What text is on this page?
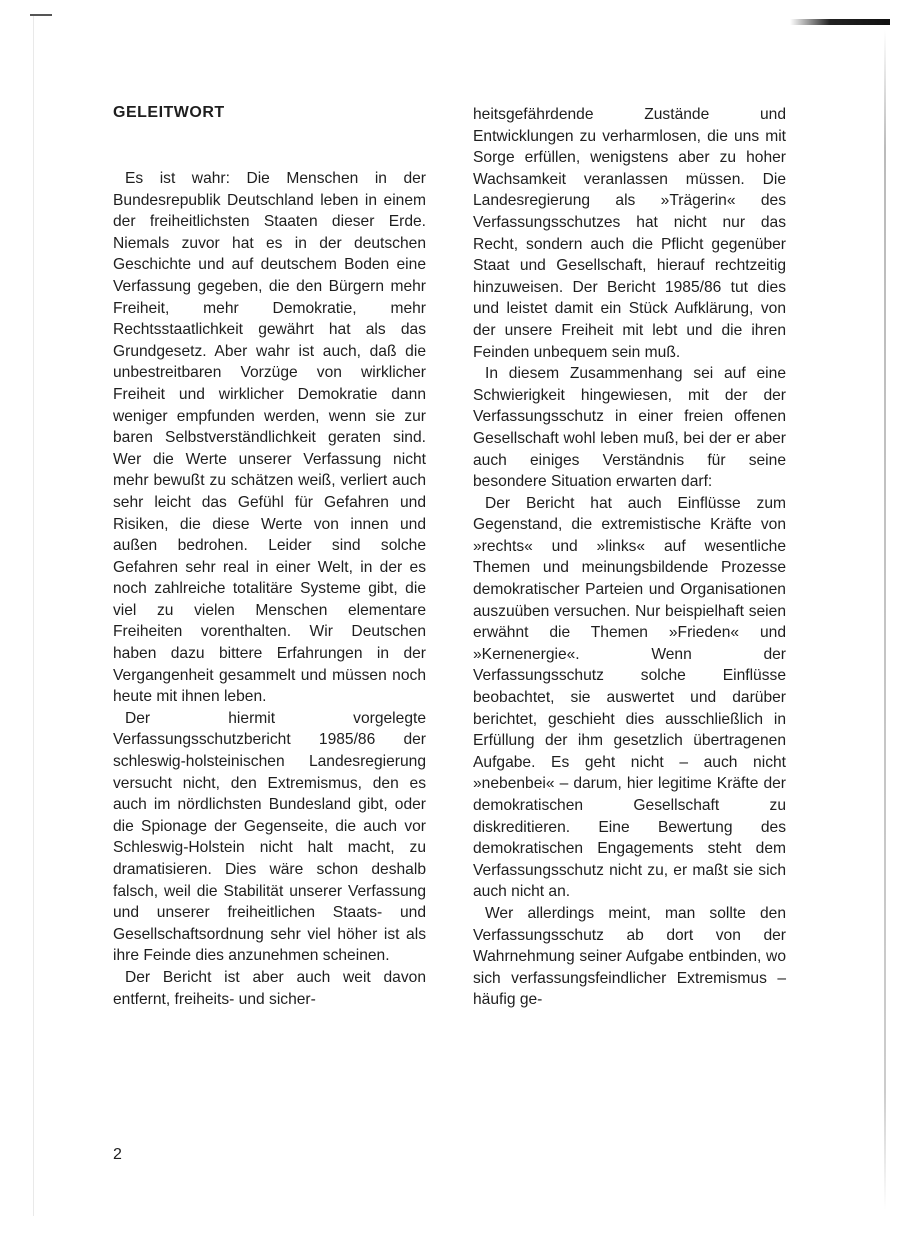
GELEITWORT

Es ist wahr: Die Menschen in der Bundesrepublik Deutschland leben in einem der freiheitlichsten Staaten dieser Erde. Niemals zuvor hat es in der deutschen Geschichte und auf deutschem Boden eine Verfassung gegeben, die den Bürgern mehr Freiheit, mehr Demokratie, mehr Rechtsstaatlichkeit gewährt hat als das Grundgesetz. Aber wahr ist auch, daß die unbestreitbaren Vorzüge von wirklicher Freiheit und wirklicher Demokratie dann weniger empfunden werden, wenn sie zur baren Selbstverständlichkeit geraten sind. Wer die Werte unserer Verfassung nicht mehr bewußt zu schätzen weiß, verliert auch sehr leicht das Gefühl für Gefahren und Risiken, die diese Werte von innen und außen bedrohen. Leider sind solche Gefahren sehr real in einer Welt, in der es noch zahlreiche totalitäre Systeme gibt, die viel zu vielen Menschen elementare Freiheiten vorenthalten. Wir Deutschen haben dazu bittere Erfahrungen in der Vergangenheit gesammelt und müssen noch heute mit ihnen leben.

Der hiermit vorgelegte Verfassungsschutzbericht 1985/86 der schleswig-holsteinischen Landesregierung versucht nicht, den Extremismus, den es auch im nördlichsten Bundesland gibt, oder die Spionage der Gegenseite, die auch vor Schleswig-Holstein nicht halt macht, zu dramatisieren. Dies wäre schon deshalb falsch, weil die Stabilität unserer Verfassung und unserer freiheitlichen Staats- und Gesellschaftsordnung sehr viel höher ist als ihre Feinde dies anzunehmen scheinen.

Der Bericht ist aber auch weit davon entfernt, freiheits- und sicher-

heitsgefährdende Zustände und Entwicklungen zu verharmlosen, die uns mit Sorge erfüllen, wenigstens aber zu hoher Wachsamkeit veranlassen müssen. Die Landesregierung als »Trägerin« des Verfassungsschutzes hat nicht nur das Recht, sondern auch die Pflicht gegenüber Staat und Gesellschaft, hierauf rechtzeitig hinzuweisen. Der Bericht 1985/86 tut dies und leistet damit ein Stück Aufklärung, von der unsere Freiheit mit lebt und die ihren Feinden unbequem sein muß.

In diesem Zusammenhang sei auf eine Schwierigkeit hingewiesen, mit der der Verfassungsschutz in einer freien offenen Gesellschaft wohl leben muß, bei der er aber auch einiges Verständnis für seine besondere Situation erwarten darf:

Der Bericht hat auch Einflüsse zum Gegenstand, die extremistische Kräfte von »rechts« und »links« auf wesentliche Themen und meinungsbildende Prozesse demokratischer Parteien und Organisationen auszuüben versuchen. Nur beispielhaft seien erwähnt die Themen »Frieden« und »Kernenergie«. Wenn der Verfassungsschutz solche Einflüsse beobachtet, sie auswertet und darüber berichtet, geschieht dies ausschließlich in Erfüllung der ihm gesetzlich übertragenen Aufgabe. Es geht nicht – auch nicht »nebenbei« – darum, hier legitime Kräfte der demokratischen Gesellschaft zu diskreditieren. Eine Bewertung des demokratischen Engagements steht dem Verfassungsschutz nicht zu, er maßt sie sich auch nicht an.

Wer allerdings meint, man sollte den Verfassungsschutz ab dort von der Wahrnehmung seiner Aufgabe entbinden, wo sich verfassungsfeindlicher Extremismus – häufig ge-

2
